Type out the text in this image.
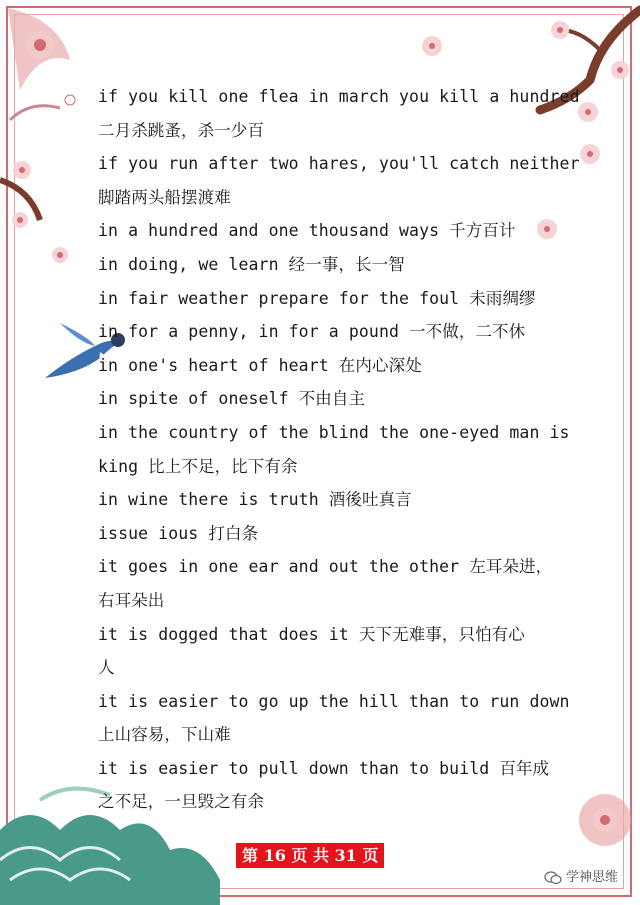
if you kill one flea in march you kill a hundred
二月杀跳蚤，杀一少百
if you run after two hares, you'll catch neither
脚踏两头船摆渡难
in a hundred and one thousand ways 千方百计
in doing, we learn 经一事，长一智
in fair weather prepare for the foul 未雨绸缪
in for a penny, in for a pound 一不做，二不休
in one's heart of heart 在内心深处
in spite of oneself 不由自主
in the country of the blind the one-eyed man is
king 比上不足，比下有余
in wine there is truth 酒後吐真言
issue ious 打白条
it goes in one ear and out the other 左耳朵进，
右耳朵出
it is dogged that does it 天下无难事，只怕有心
人
it is easier to go up the hill than to run down
上山容易，下山难
it is easier to pull down than to build 百年成
之不足，一旦毁之有余
第 16 页 共 31 页
学神思维
